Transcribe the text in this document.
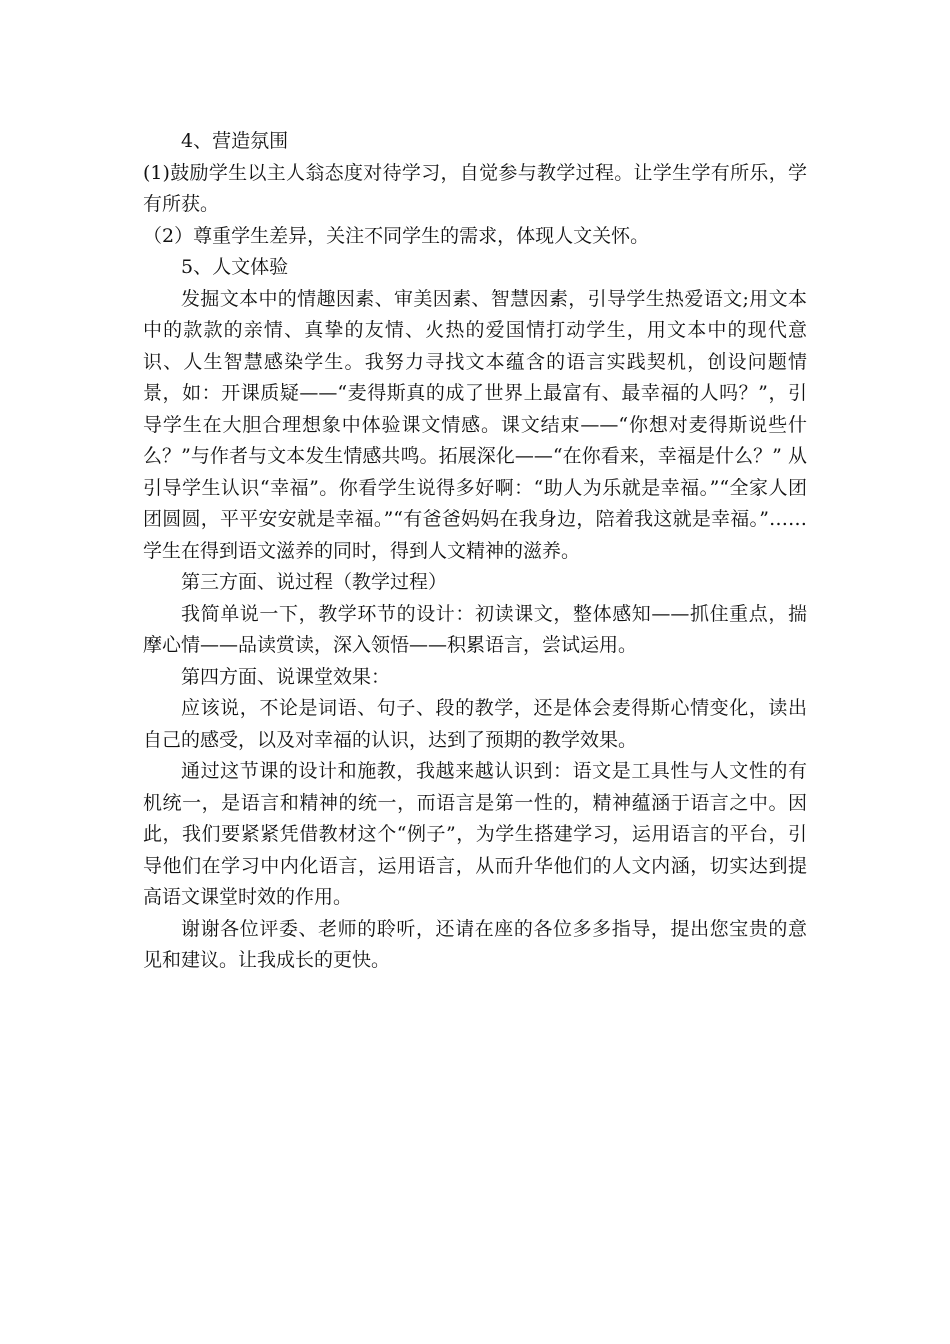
4、营造氛围

(1)鼓励学生以主人翁态度对待学习，自觉参与教学过程。让学生学有所乐，学有所获。

（2）尊重学生差异，关注不同学生的需求，体现人文关怀。

5、人文体验

发掘文本中的情趣因素、审美因素、智慧因素，引导学生热爱语文;用文本中的款款的亲情、真挚的友情、火热的爱国情打动学生，用文本中的现代意识、人生智慧感染学生。我努力寻找文本蕴含的语言实践契机，创设问题情景，如：开课质疑——“麦得斯真的成了世界上最富有、最幸福的人吗？”，引导学生在大胆合理想象中体验课文情感。课文结束——“你想对麦得斯说些什么？”与作者与文本发生情感共鸣。拓展深化——“在你看来，幸福是什么？” 从引导学生认识“幸福”。你看学生说得多好啊：“助人为乐就是幸福。”“全家人团团圆圆，平平安安就是幸福。”“有爸爸妈妈在我身边，陪着我这就是幸福。”……学生在得到语文滋养的同时，得到人文精神的滋养。

第三方面、说过程（教学过程）

我简单说一下，教学环节的设计：初读课文，整体感知——抓住重点，揣摩心情——品读赏读，深入领悟——积累语言，尝试运用。

第四方面、说课堂效果：

应该说，不论是词语、句子、段的教学，还是体会麦得斯心情变化，读出自己的感受，以及对幸福的认识，达到了预期的教学效果。

通过这节课的设计和施教，我越来越认识到：语文是工具性与人文性的有机统一，是语言和精神的统一，而语言是第一性的，精神蕴涵于语言之中。因此，我们要紧紧凭借教材这个“例子”，为学生搭建学习，运用语言的平台，引导他们在学习中内化语言，运用语言，从而升华他们的人文内涵，切实达到提高语文课堂时效的作用。

谢谢各位评委、老师的聆听，还请在座的各位多多指导，提出您宝贵的意见和建议。让我成长的更快。
